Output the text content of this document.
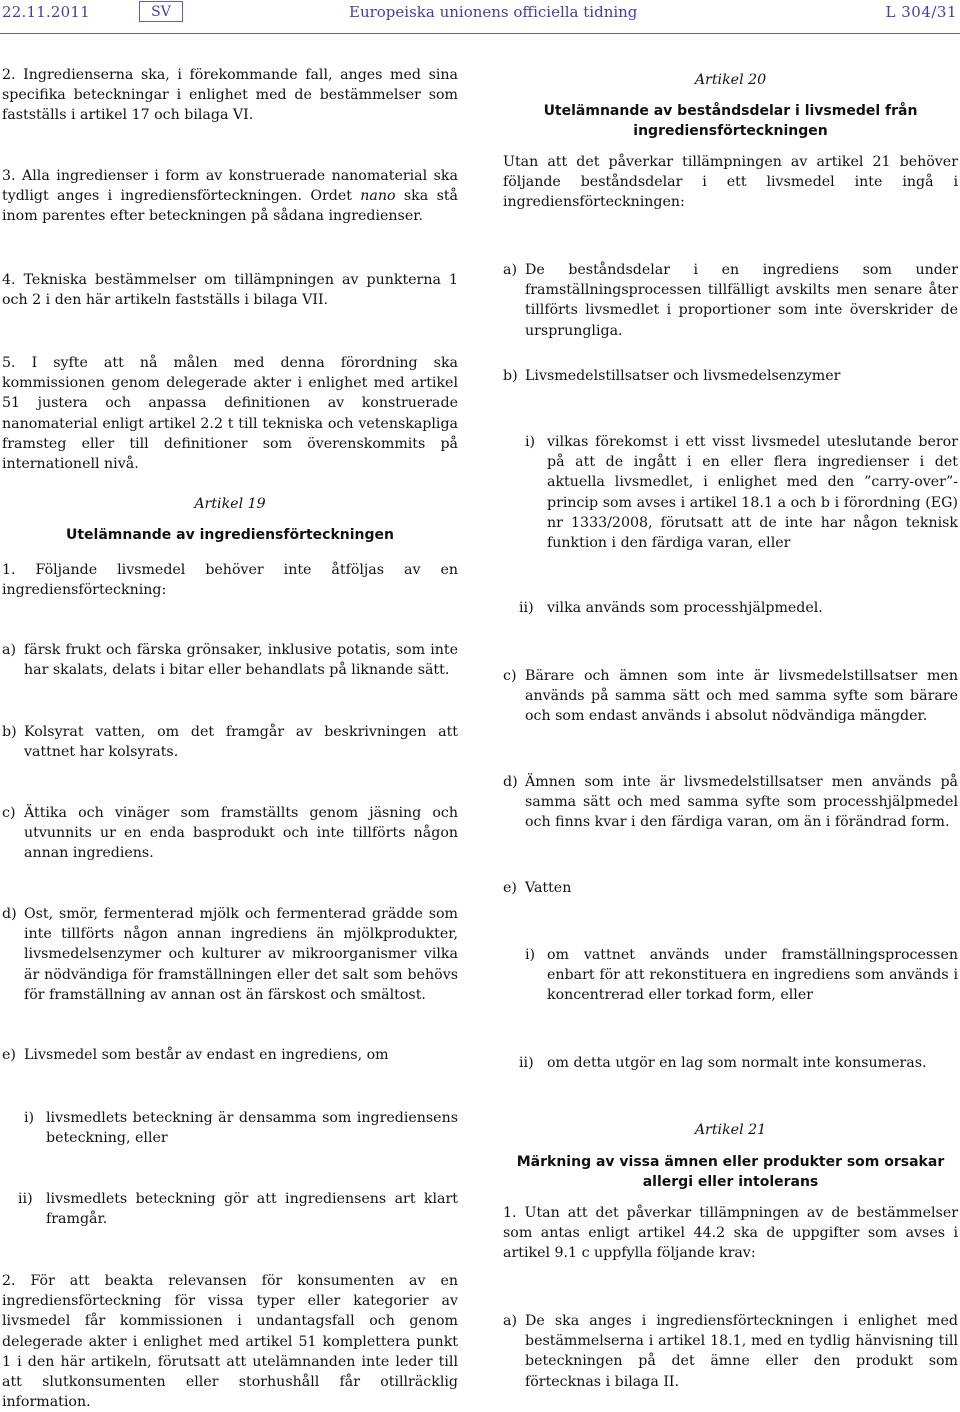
22.11.2011	SV	Europeiska unionens officiella tidning	L 304/31

2. Ingredienserna ska, i förekommande fall, anges med sina specifika beteckningar i enlighet med de bestämmelser som fastställs i artikel 17 och bilaga VI.

3. Alla ingredienser i form av konstruerade nanomaterial ska tydligt anges i ingrediensförteckningen. Ordet nano ska stå inom parentes efter beteckningen på sådana ingredienser.

4. Tekniska bestämmelser om tillämpningen av punkterna 1 och 2 i den här artikeln fastställs i bilaga VII.

5. I syfte att nå målen med denna förordning ska kommissionen genom delegerade akter i enlighet med artikel 51 justera och anpassa definitionen av konstruerade nanomaterial enligt artikel 2.2 t till tekniska och vetenskapliga framsteg eller till definitioner som överenskommits på internationell nivå.

Artikel 19

Utelämnande av ingrediensförteckningen

1. Följande livsmedel behöver inte åtföljas av en ingrediensförteckning:

a) färsk frukt och färska grönsaker, inklusive potatis, som inte har skalats, delats i bitar eller behandlats på liknande sätt.
b) Kolsyrat vatten, om det framgår av beskrivningen att vattnet har kolsyrats.
c) Ättika och vinäger som framställts genom jäsning och utvunnits ur en enda basprodukt och inte tillförts någon annan ingrediens.
d) Ost, smör, fermenterad mjölk och fermenterad grädde som inte tillförts någon annan ingrediens än mjölkprodukter, livsmedelsenzymer och kulturer av mikroorganismer vilka är nödvändiga för framställningen eller det salt som behövs för framställning av annan ost än färskost och smältost.
e) Livsmedel som består av endast en ingrediens, om
i) livsmedlets beteckning är densamma som ingrediensens beteckning, eller
ii) livsmedlets beteckning gör att ingrediensens art klart framgår.

2. För att beakta relevansen för konsumenten av en ingrediensförteckning för vissa typer eller kategorier av livsmedel får kommissionen i undantagsfall och genom delegerade akter i enlighet med artikel 51 komplettera punkt 1 i den här artikeln, förutsatt att utelämnanden inte leder till att slutkonsumenten eller storhushåll får otillräcklig information.

Artikel 20

Utelämnande av beståndsdelar i livsmedel från ingrediensförteckningen

Utan att det påverkar tillämpningen av artikel 21 behöver följande beståndsdelar i ett livsmedel inte ingå i ingrediensförteckningen:

a) De beståndsdelar i en ingrediens som under framställningsprocessen tillfälligt avskilts men senare åter tillförts livsmedlet i proportioner som inte överskrider de ursprungliga.
b) Livsmedelstillsatser och livsmedelsenzymer
i) vilkas förekomst i ett visst livsmedel uteslutande beror på att de ingått i en eller flera ingredienser i det aktuella livsmedlet, i enlighet med den ”carry-over”-princip som avses i artikel 18.1 a och b i förordning (EG) nr 1333/2008, förutsatt att de inte har någon teknisk funktion i den färdiga varan, eller
ii) vilka används som processhjälpmedel.
c) Bärare och ämnen som inte är livsmedelstillsatser men används på samma sätt och med samma syfte som bärare och som endast används i absolut nödvändiga mängder.
d) Ämnen som inte är livsmedelstillsatser men används på samma sätt och med samma syfte som processhjälpmedel och finns kvar i den färdiga varan, om än i förändrad form.
e) Vatten
i) om vattnet används under framställningsprocessen enbart för att rekonstituera en ingrediens som används i koncentrerad eller torkad form, eller
ii) om detta utgör en lag som normalt inte konsumeras.

Artikel 21

Märkning av vissa ämnen eller produkter som orsakar allergi eller intolerans

1. Utan att det påverkar tillämpningen av de bestämmelser som antas enligt artikel 44.2 ska de uppgifter som avses i artikel 9.1 c uppfylla följande krav:

a) De ska anges i ingrediensförteckningen i enlighet med bestämmelserna i artikel 18.1, med en tydlig hänvisning till beteckningen på det ämne eller den produkt som förtecknas i bilaga II.
